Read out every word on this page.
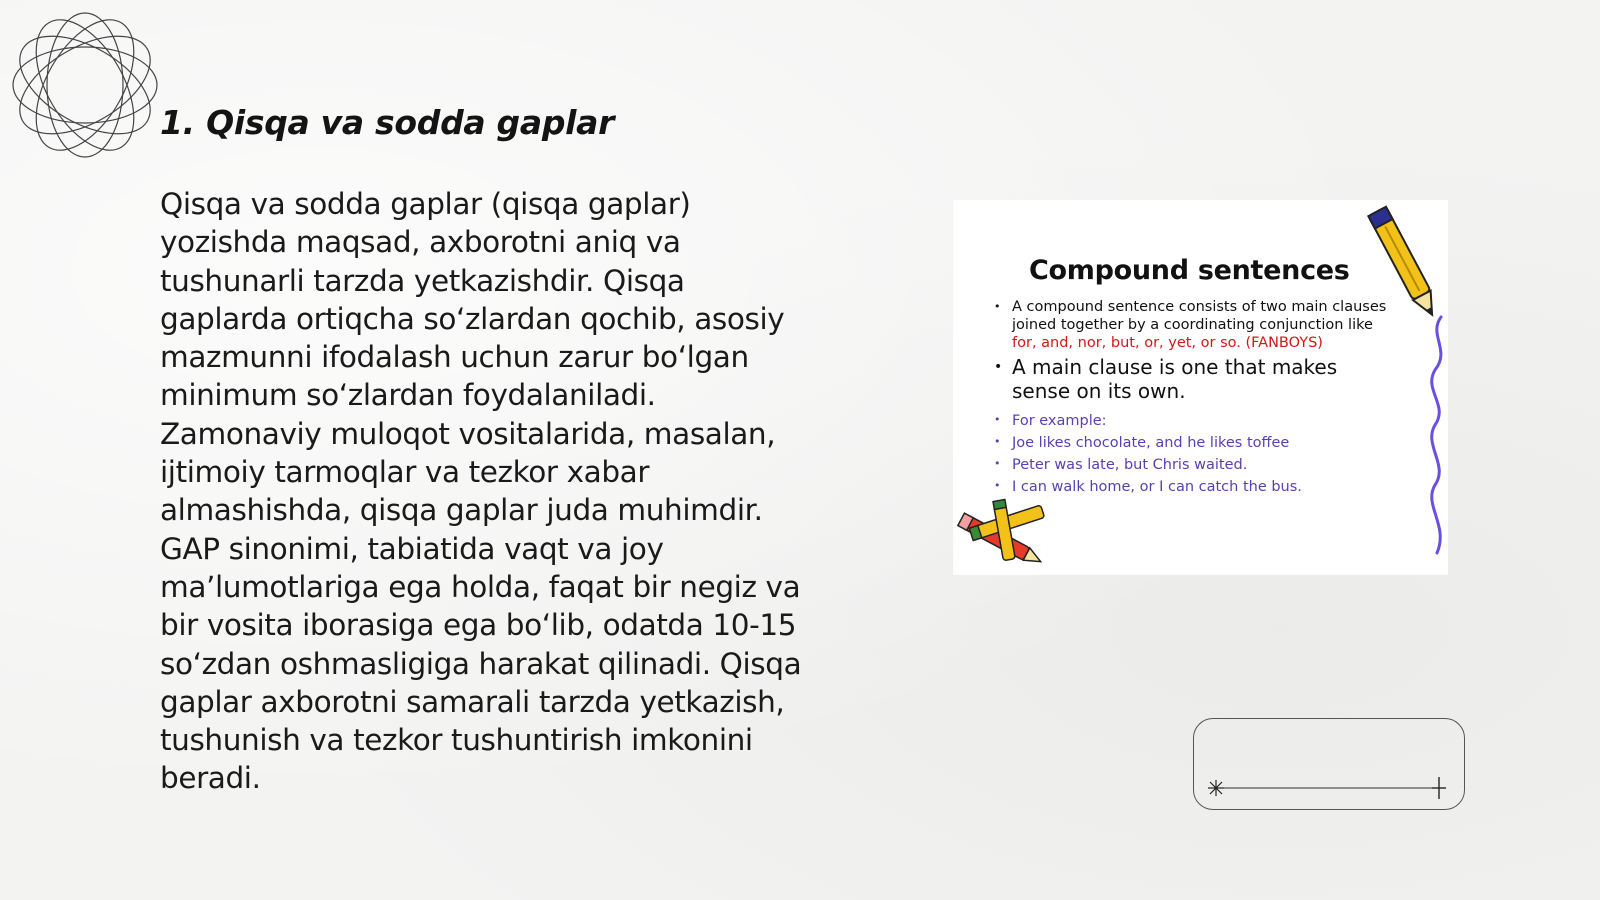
1. Qisqa va sodda gaplar

Qisqa va sodda gaplar (qisqa gaplar)
yozishda maqsad, axborotni aniq va
tushunarli tarzda yetkazishdir. Qisqa
gaplarda ortiqcha so‘zlardan qochib, asosiy
mazmunni ifodalash uchun zarur bo‘lgan
minimum so‘zlardan foydalaniladi.
Zamonaviy muloqot vositalarida, masalan,
ijtimoiy tarmoqlar va tezkor xabar
almashishda, qisqa gaplar juda muhimdir.
GAP sinonimi, tabiatida vaqt va joy
ma’lumotlariga ega holda, faqat bir negiz va
bir vosita iborasiga ega bo‘lib, odatda 10-15
so‘zdan oshmasligiga harakat qilinadi. Qisqa
gaplar axborotni samarali tarzda yetkazish,
tushunish va tezkor tushuntirish imkonini
beradi.

Compound sentences
• A compound sentence consists of two main clauses
joined together by a coordinating conjunction like
for, and, nor, but, or, yet, or so. (FANBOYS)
• A main clause is one that makes
sense on its own.
• For example:
• Joe likes chocolate, and he likes toffee
• Peter was late, but Chris waited.
• I can walk home, or I can catch the bus.
